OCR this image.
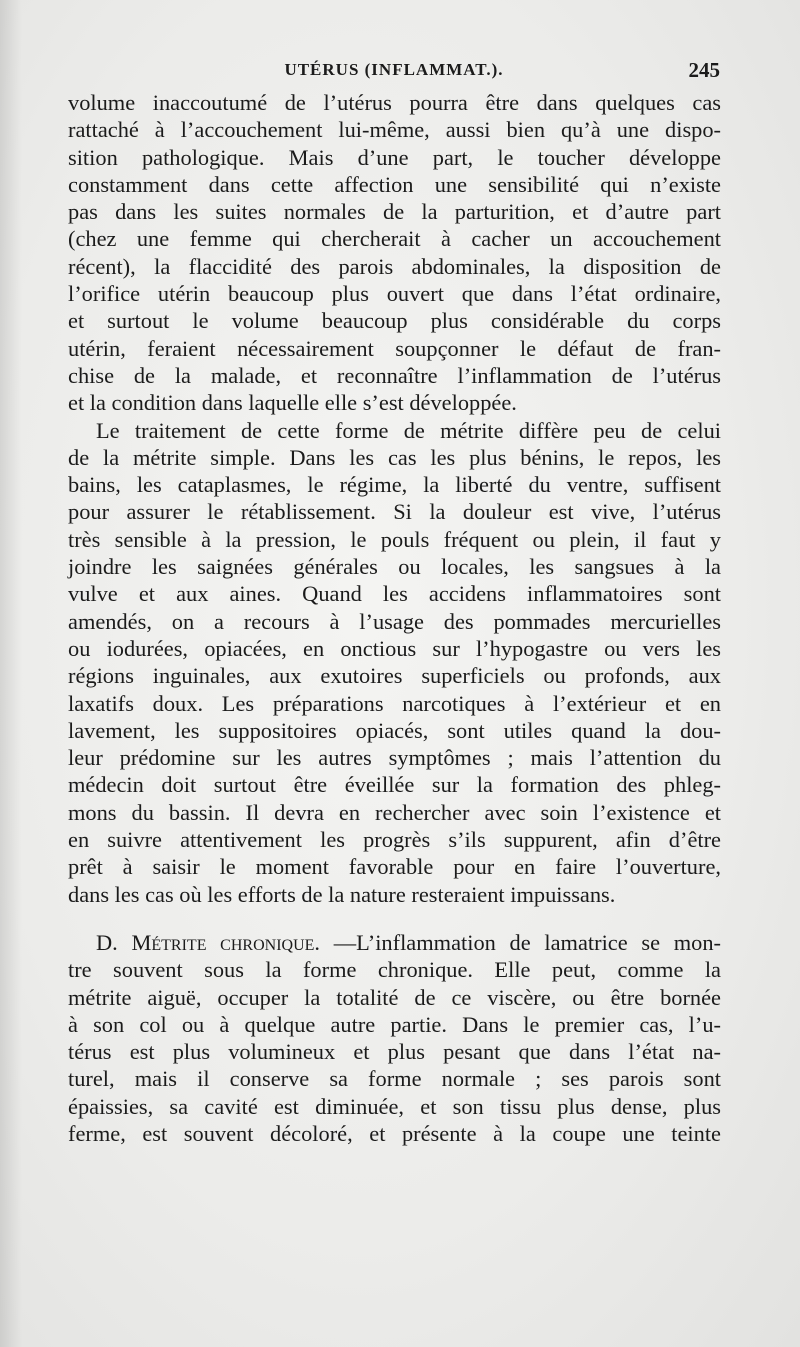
UTÉRUS (INFLAMMAT.).	245
volume inaccoutumé de l’utérus pourra être dans quelques cas
rattaché à l’accouchement lui-même, aussi bien qu’à une dispo-
sition pathologique. Mais d’une part, le toucher développe
constamment dans cette affection une sensibilité qui n’existe
pas dans les suites normales de la parturition, et d’autre part
(chez une femme qui chercherait à cacher un accouchement
récent), la flaccidité des parois abdominales, la disposition de
l’orifice utérin beaucoup plus ouvert que dans l’état ordinaire,
et surtout le volume beaucoup plus considérable du corps
utérin, feraient nécessairement soupçonner le défaut de fran-
chise de la malade, et reconnaître l’inflammation de l’utérus
et la condition dans laquelle elle s’est développée.
Le traitement de cette forme de métrite diffère peu de celui
de la métrite simple. Dans les cas les plus bénins, le repos, les
bains, les cataplasmes, le régime, la liberté du ventre, suffisent
pour assurer le rétablissement. Si la douleur est vive, l’utérus
très sensible à la pression, le pouls fréquent ou plein, il faut y
joindre les saignées générales ou locales, les sangsues à la
vulve et aux aines. Quand les accidens inflammatoires sont
amendés, on a recours à l’usage des pommades mercurielles
ou iodurées, opiacées, en onctious sur l’hypogastre ou vers les
régions inguinales, aux exutoires superficiels ou profonds, aux
laxatifs doux. Les préparations narcotiques à l’extérieur et en
lavement, les suppositoires opiacés, sont utiles quand la dou-
leur prédomine sur les autres symptômes ; mais l’attention du
médecin doit surtout être éveillée sur la formation des phleg-
mons du bassin. Il devra en rechercher avec soin l’existence et
en suivre attentivement les progrès s’ils suppurent, afin d’être
prêt à saisir le moment favorable pour en faire l’ouverture,
dans les cas où les efforts de la nature resteraient impuissans.
D. Métrite chronique. —L’inflammation de lamatrice se mon-
tre souvent sous la forme chronique. Elle peut, comme la
métrite aiguë, occuper la totalité de ce viscère, ou être bornée
à son col ou à quelque autre partie. Dans le premier cas, l’u-
térus est plus volumineux et plus pesant que dans l’état na-
turel, mais il conserve sa forme normale ; ses parois sont
épaissies, sa cavité est diminuée, et son tissu plus dense, plus
ferme, est souvent décoloré, et présente à la coupe une teinte
